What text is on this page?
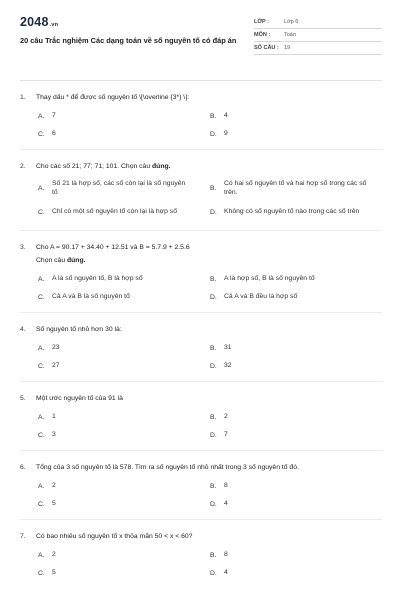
2048.vn
20 câu Trắc nghiệm Các dạng toán về số nguyên tố có đáp án
LỚP :	Lớp 6
MÔN :	Toán
SỐ CÂU : 19
1.	Thay dấu * để được số nguyên tố \[\overline {3*} \]:
A.	7	B.	4
C.	6	D.	9
2.	Cho các số 21; 77; 71; 101. Chọn câu đúng.
A.
Số 21 là hợp số, các số còn lại là số nguyên tố
B.
Có hai số nguyên tố và hai hợp số trong các số trên.
C.	Chỉ có một số nguyên tố còn lại là hợp số	D.	Không có số nguyên tố nào trong các số trên
3.	Cho A = 90.17 + 34.40 + 12.51 và B = 5.7.9 + 2.5.6
Chọn câu đúng.
A.	A là số nguyên tố, B là hợp số	B.	A là hợp số, B là số nguyên tố
C.	Cả A và B là số nguyên tố	D.	Cả A và B đều là hợp số
4.	Số nguyên tố nhỏ hơn 30 là:
A.	23	B.	31
C.	27	D.	32
5.	Một ước nguyên tố của 91 là
A.	1	B.	2
C.	3	D.	7
6.	Tổng của 3 số nguyên tố là 578. Tìm ra số nguyên tố nhỏ nhất trong 3 số nguyên tố đó.
A.	2	B.	8
C.	5	D.	4
7.	Có bao nhiêu số nguyên tố x thỏa mãn 50 < x < 60?
A.	2	B.	8
C.	5	D.	4
